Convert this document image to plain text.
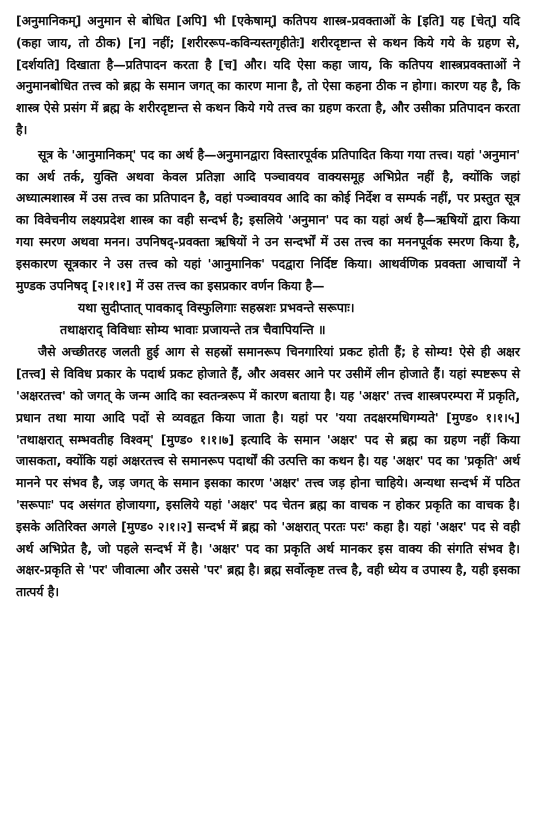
[अनुमानिकम्] अनुमान से बोधित [अपि] भी [एकेषाम्] कतिपय शास्त्र-प्रवक्ताओं के [इति] यह [चेत्] यदि (कहा जाय, तो ठीक) [न] नहीं; [शरीररूप-कविन्यस्तगृहीतेः] शरीरदृष्टान्त से कथन किये गये के ग्रहण से, [दर्शयति] दिखाता है—प्रतिपादन करता है [च] और। यदि ऐसा कहा जाय, कि कतिपय शास्त्रप्रवक्ताओं ने अनुमानबोधित तत्त्व को ब्रह्म के समान जगत् का कारण माना है, तो ऐसा कहना ठीक न होगा। कारण यह है, कि शास्त्र ऐसे प्रसंग में ब्रह्म के शरीरदृष्टान्त से कथन किये गये तत्त्व का ग्रहण करता है, और उसीका प्रतिपादन करता है।

सूत्र के 'आनुमानिकम्' पद का अर्थ है—अनुमानद्वारा विस्तारपूर्वक प्रतिपादित किया गया तत्त्व। यहां 'अनुमान' का अर्थ तर्क, युक्ति अथवा केवल प्रतिज्ञा आदि पञ्चावयव वाक्यसमूह अभिप्रेत नहीं है, क्योंकि जहां अध्यात्मशास्त्र में उस तत्त्व का प्रतिपादन है, वहां पञ्चावयव आदि का कोई निर्देश व सम्पर्क नहीं, पर प्रस्तुत सूत्र का विवेचनीय लक्ष्यप्रदेश शास्त्र का वही सन्दर्भ है; इसलिये 'अनुमान' पद का यहां अर्थ है—ऋषियों द्वारा किया गया स्मरण अथवा मनन। उपनिषद्-प्रवक्ता ऋषियों ने उन सन्दर्भों में उस तत्त्व का मननपूर्वक स्मरण किया है, इसकारण सूत्रकार ने उस तत्त्व को यहां 'आनुमानिक' पदद्वारा निर्दिष्ट किया। आथर्वणिक प्रवक्ता आचार्यों ने मुण्डक उपनिषद् [२।१।१] में उस तत्त्व का इसप्रकार वर्णन किया है—

यथा सुदीप्तात् पावकाद् विस्फुलिगाः सहस्रशः प्रभवन्ते सरूपाः।
तथाक्षराद् विविधाः सोम्य भावाः प्रजायन्ते तत्र चैवापियन्ति ॥

जैसे अच्छीतरह जलती हुई आग से सहस्रों समानरूप चिनगारियां प्रकट होती हैं; हे सोम्य! ऐसे ही अक्षर [तत्त्व] से विविध प्रकार के पदार्थ प्रकट होजाते हैं, और अवसर आने पर उसीमें लीन होजाते हैं। यहां स्पष्टरूप से 'अक्षरतत्त्व' को जगत् के जन्म आदि का स्वतन्त्ररूप में कारण बताया है। यह 'अक्षर' तत्त्व शास्त्रपरम्परा में प्रकृति, प्रधान तथा माया आदि पदों से व्यवहृत किया जाता है। यहां पर 'यया तदक्षरमधिगम्यते' [मुण्ड० १।१।५] 'तथाक्षरात् सम्भवतीह विश्वम्' [मुण्ड० १।१।७] इत्यादि के समान 'अक्षर' पद से ब्रह्म का ग्रहण नहीं किया जासकता, क्योंकि यहां अक्षरतत्त्व से समानरूप पदार्थों की उत्पत्ति का कथन है। यह 'अक्षर' पद का 'प्रकृति' अर्थ मानने पर संभव है, जड़ जगत् के समान इसका कारण 'अक्षर' तत्त्व जड़ होना चाहिये। अन्यथा सन्दर्भ में पठित 'सरूपाः' पद असंगत होजायगा, इसलिये यहां 'अक्षर' पद चेतन ब्रह्म का वाचक न होकर प्रकृति का वाचक है। इसके अतिरिक्त अगले [मुण्ड० २।१।२] सन्दर्भ में ब्रह्म को 'अक्षरात् परतः परः' कहा है। यहां 'अक्षर' पद से वही अर्थ अभिप्रेत है, जो पहले सन्दर्भ में है। 'अक्षर' पद का प्रकृति अर्थ मानकर इस वाक्य की संगति संभव है। अक्षर-प्रकृति से 'पर' जीवात्मा और उससे 'पर' ब्रह्म है। ब्रह्म सर्वोत्कृष्ट तत्त्व है, वही ध्येय व उपास्य है, यही इसका तात्पर्य है।
